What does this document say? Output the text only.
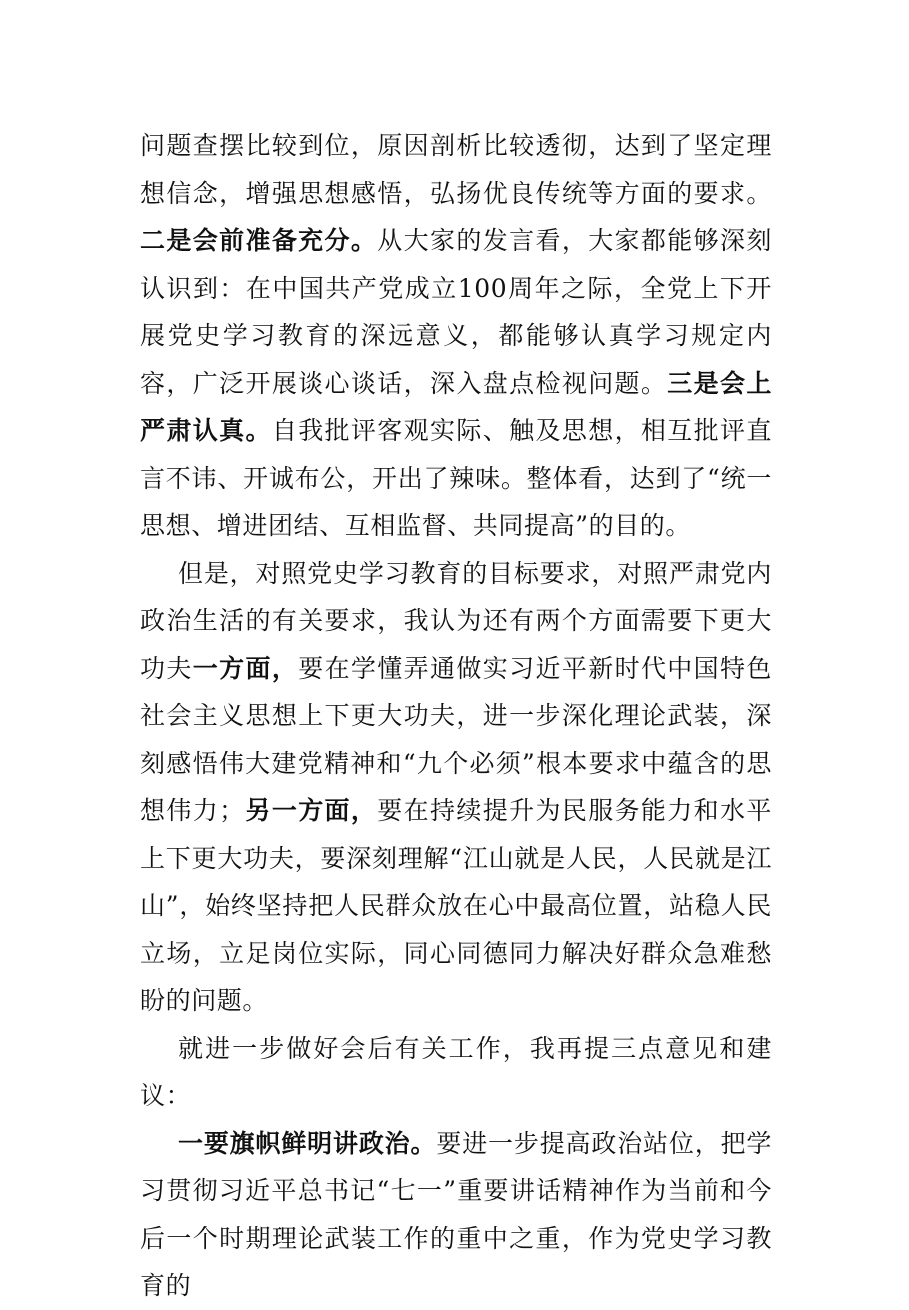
问题查摆比较到位，原因剖析比较透彻，达到了坚定理想信念，增强思想感悟，弘扬优良传统等方面的要求。二是会前准备充分。从大家的发言看，大家都能够深刻认识到：在中国共产党成立100周年之际，全党上下开展党史学习教育的深远意义，都能够认真学习规定内容，广泛开展谈心谈话，深入盘点检视问题。三是会上严肃认真。自我批评客观实际、触及思想，相互批评直言不讳、开诚布公，开出了辣味。整体看，达到了“统一思想、增进团结、互相监督、共同提高”的目的。

但是，对照党史学习教育的目标要求，对照严肃党内政治生活的有关要求，我认为还有两个方面需要下更大功夫一方面，要在学懂弄通做实习近平新时代中国特色社会主义思想上下更大功夫，进一步深化理论武装，深刻感悟伟大建党精神和“九个必须”根本要求中蕴含的思想伟力；另一方面，要在持续提升为民服务能力和水平上下更大功夫，要深刻理解“江山就是人民，人民就是江山”，始终坚持把人民群众放在心中最高位置，站稳人民立场，立足岗位实际，同心同德同力解决好群众急难愁盼的问题。

就进一步做好会后有关工作，我再提三点意见和建议：

一要旗帜鲜明讲政治。要进一步提高政治站位，把学习贯彻习近平总书记“七一”重要讲话精神作为当前和今后一个时期理论武装工作的重中之重，作为党史学习教育的
